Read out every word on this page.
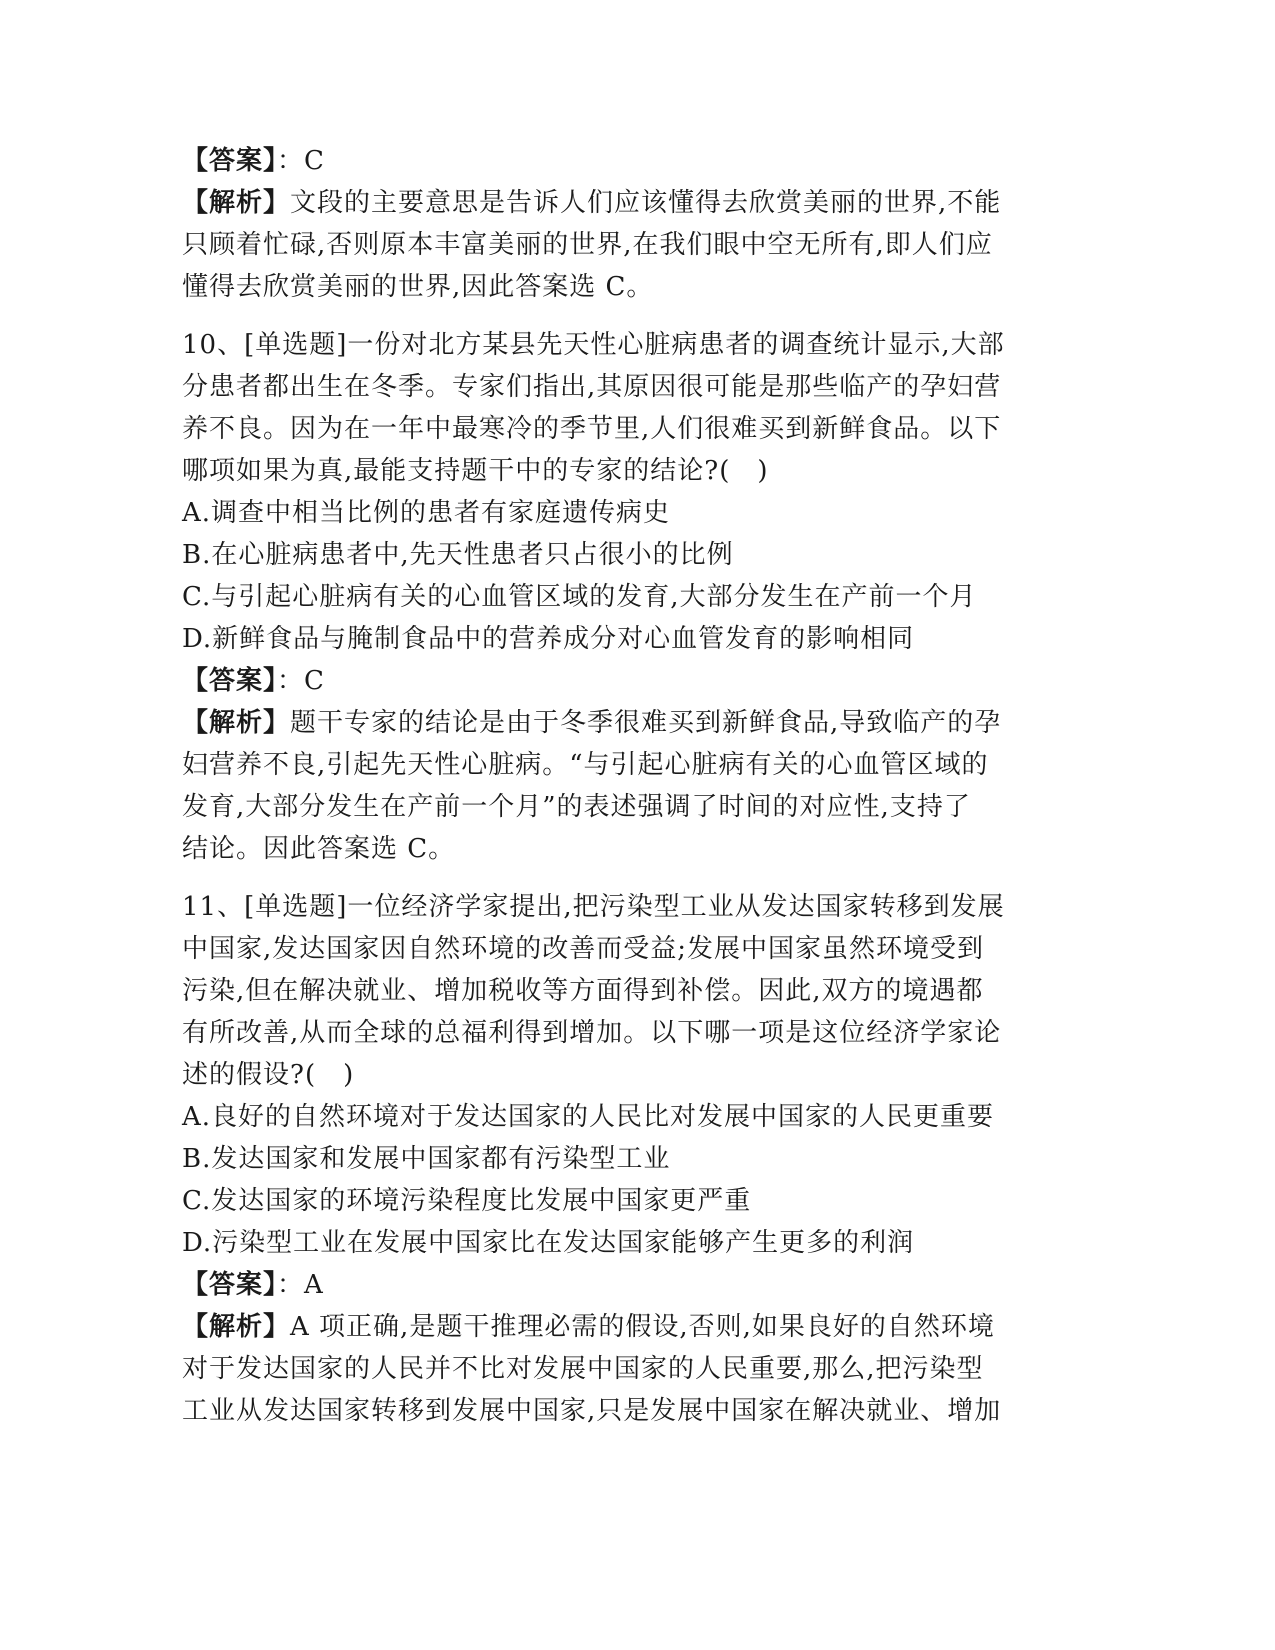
【答案】：C
【解析】文段的主要意思是告诉人们应该懂得去欣赏美丽的世界,不能
只顾着忙碌,否则原本丰富美丽的世界,在我们眼中空无所有,即人们应
懂得去欣赏美丽的世界,因此答案选 C。
10、[单选题]一份对北方某县先天性心脏病患者的调查统计显示,大部
分患者都出生在冬季。专家们指出,其原因很可能是那些临产的孕妇营
养不良。因为在一年中最寒冷的季节里,人们很难买到新鲜食品。以下
哪项如果为真,最能支持题干中的专家的结论?(　)
A.调查中相当比例的患者有家庭遗传病史
B.在心脏病患者中,先天性患者只占很小的比例
C.与引起心脏病有关的心血管区域的发育,大部分发生在产前一个月
D.新鲜食品与腌制食品中的营养成分对心血管发育的影响相同
【答案】：C
【解析】题干专家的结论是由于冬季很难买到新鲜食品,导致临产的孕
妇营养不良,引起先天性心脏病。“与引起心脏病有关的心血管区域的
发育,大部分发生在产前一个月”的表述强调了时间的对应性,支持了
结论。因此答案选 C。
11、[单选题]一位经济学家提出,把污染型工业从发达国家转移到发展
中国家,发达国家因自然环境的改善而受益;发展中国家虽然环境受到
污染,但在解决就业、增加税收等方面得到补偿。因此,双方的境遇都
有所改善,从而全球的总福利得到增加。以下哪一项是这位经济学家论
述的假设?(　)
A.良好的自然环境对于发达国家的人民比对发展中国家的人民更重要
B.发达国家和发展中国家都有污染型工业
C.发达国家的环境污染程度比发展中国家更严重
D.污染型工业在发展中国家比在发达国家能够产生更多的利润
【答案】：A
【解析】A 项正确,是题干推理必需的假设,否则,如果良好的自然环境
对于发达国家的人民并不比对发展中国家的人民重要,那么,把污染型
工业从发达国家转移到发展中国家,只是发展中国家在解决就业、增加
